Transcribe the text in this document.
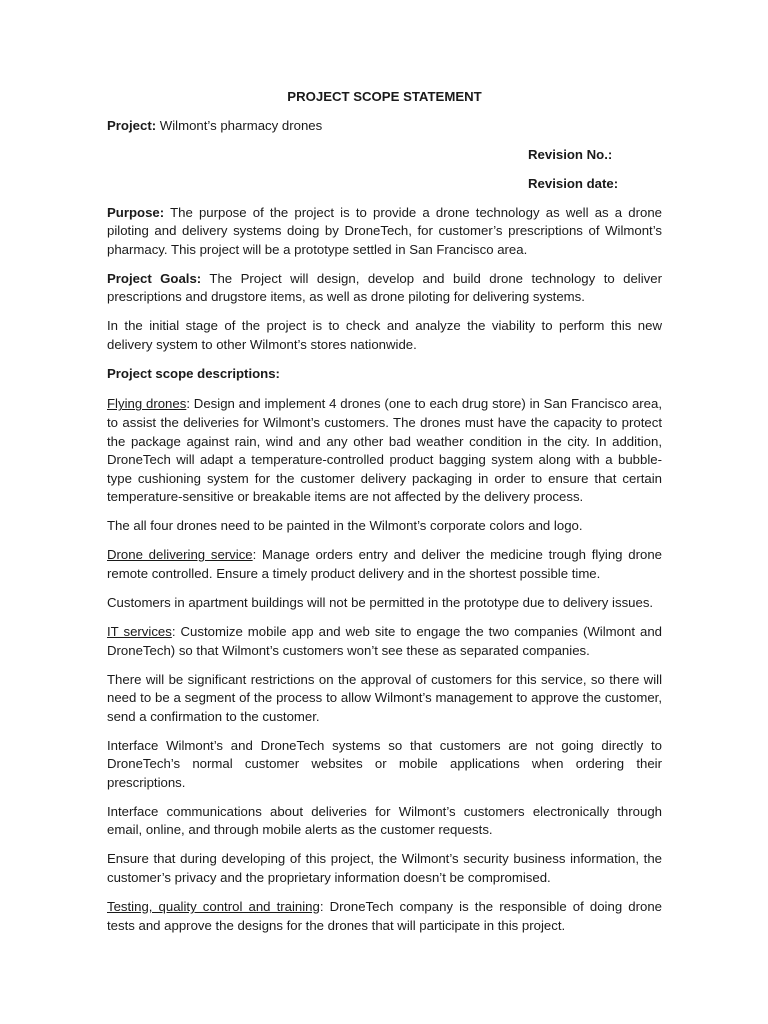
PROJECT SCOPE STATEMENT

Project: Wilmont’s pharmacy drones

Revision No.:

Revision date:

Purpose: The purpose of the project is to provide a drone technology as well as a drone piloting and delivery systems doing by DroneTech, for customer’s prescriptions of Wilmont’s pharmacy. This project will be a prototype settled in San Francisco area.

Project Goals: The Project will design, develop and build drone technology to deliver prescriptions and drugstore items, as well as drone piloting for delivering systems.

In the initial stage of the project is to check and analyze the viability to perform this new delivery system to other Wilmont’s stores nationwide.

Project scope descriptions:

Flying drones: Design and implement 4 drones (one to each drug store) in San Francisco area, to assist the deliveries for Wilmont’s customers. The drones must have the capacity to protect the package against rain, wind and any other bad weather condition in the city. In addition, DroneTech will adapt a temperature-controlled product bagging system along with a bubble-type cushioning system for the customer delivery packaging in order to ensure that certain temperature-sensitive or breakable items are not affected by the delivery process.

The all four drones need to be painted in the Wilmont’s corporate colors and logo.

Drone delivering service: Manage orders entry and deliver the medicine trough flying drone remote controlled. Ensure a timely product delivery and in the shortest possible time.

Customers in apartment buildings will not be permitted in the prototype due to delivery issues.

IT services: Customize mobile app and web site to engage the two companies (Wilmont and DroneTech) so that Wilmont’s customers won’t see these as separated companies.

There will be significant restrictions on the approval of customers for this service, so there will need to be a segment of the process to allow Wilmont’s management to approve the customer, send a confirmation to the customer.

Interface Wilmont’s and DroneTech systems so that customers are not going directly to DroneTech’s normal customer websites or mobile applications when ordering their prescriptions.

Interface communications about deliveries for Wilmont’s customers electronically through email, online, and through mobile alerts as the customer requests.

Ensure that during developing of this project, the Wilmont’s security business information, the customer’s privacy and the proprietary information doesn’t be compromised.

Testing, quality control and training: DroneTech company is the responsible of doing drone tests and approve the designs for the drones that will participate in this project.
